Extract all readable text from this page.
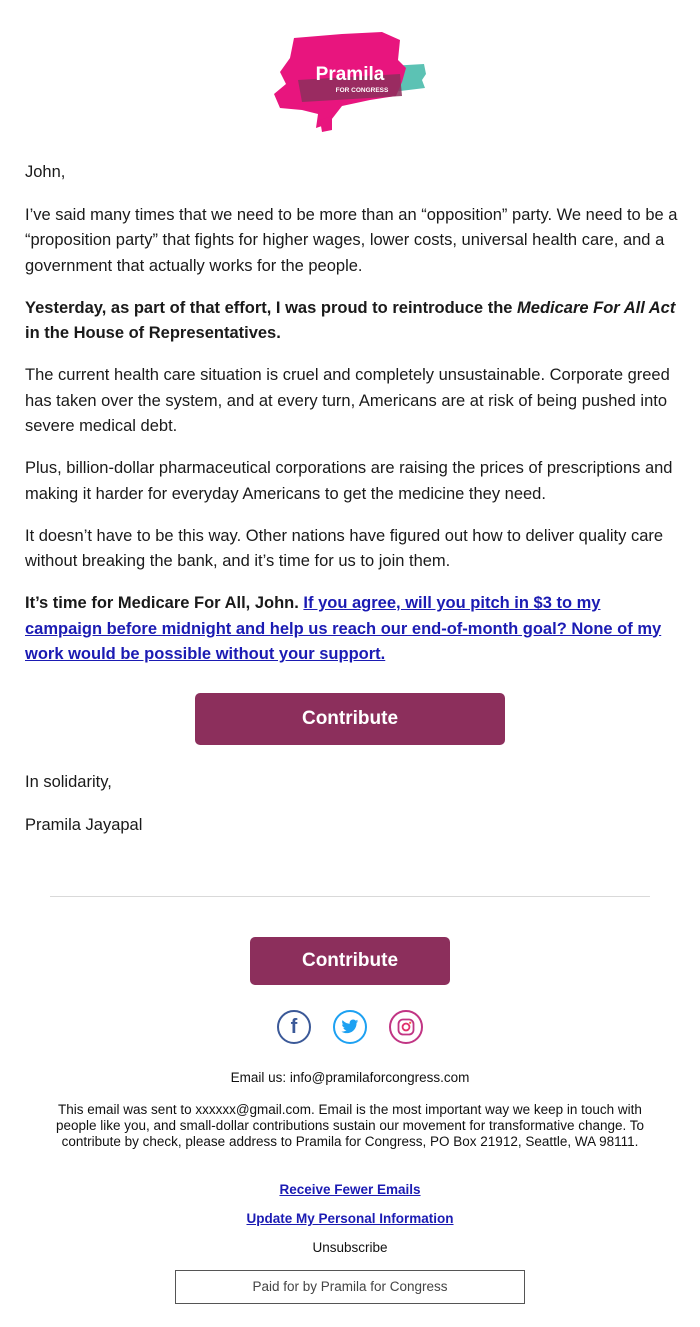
Pramila
FOR CONGRESS

John,

I’ve said many times that we need to be more than an “opposition” party. We need to be a “proposition party” that fights for higher wages, lower costs, universal health care, and a government that actually works for the people.

Yesterday, as part of that effort, I was proud to reintroduce the Medicare For All Act in the House of Representatives.

The current health care situation is cruel and completely unsustainable. Corporate greed has taken over the system, and at every turn, Americans are at risk of being pushed into severe medical debt.

Plus, billion-dollar pharmaceutical corporations are raising the prices of prescriptions and making it harder for everyday Americans to get the medicine they need.

It doesn’t have to be this way. Other nations have figured out how to deliver quality care without breaking the bank, and it’s time for us to join them.

It’s time for Medicare For All, John. If you agree, will you pitch in $3 to my campaign before midnight and help us reach our end-of-month goal? None of my work would be possible without your support.

Contribute
In solidarity,
Pramila Jayapal
Contribute
f
Email us: info@pramilaforcongress.com
This email was sent to xxxxxx@gmail.com. Email is the most important way we keep in touch with people like you, and small-dollar contributions sustain our movement for transformative change. To contribute by check, please address to Pramila for Congress, PO Box 21912, Seattle, WA 98111.
Receive Fewer Emails
Update My Personal Information
Unsubscribe
Paid for by Pramila for Congress
